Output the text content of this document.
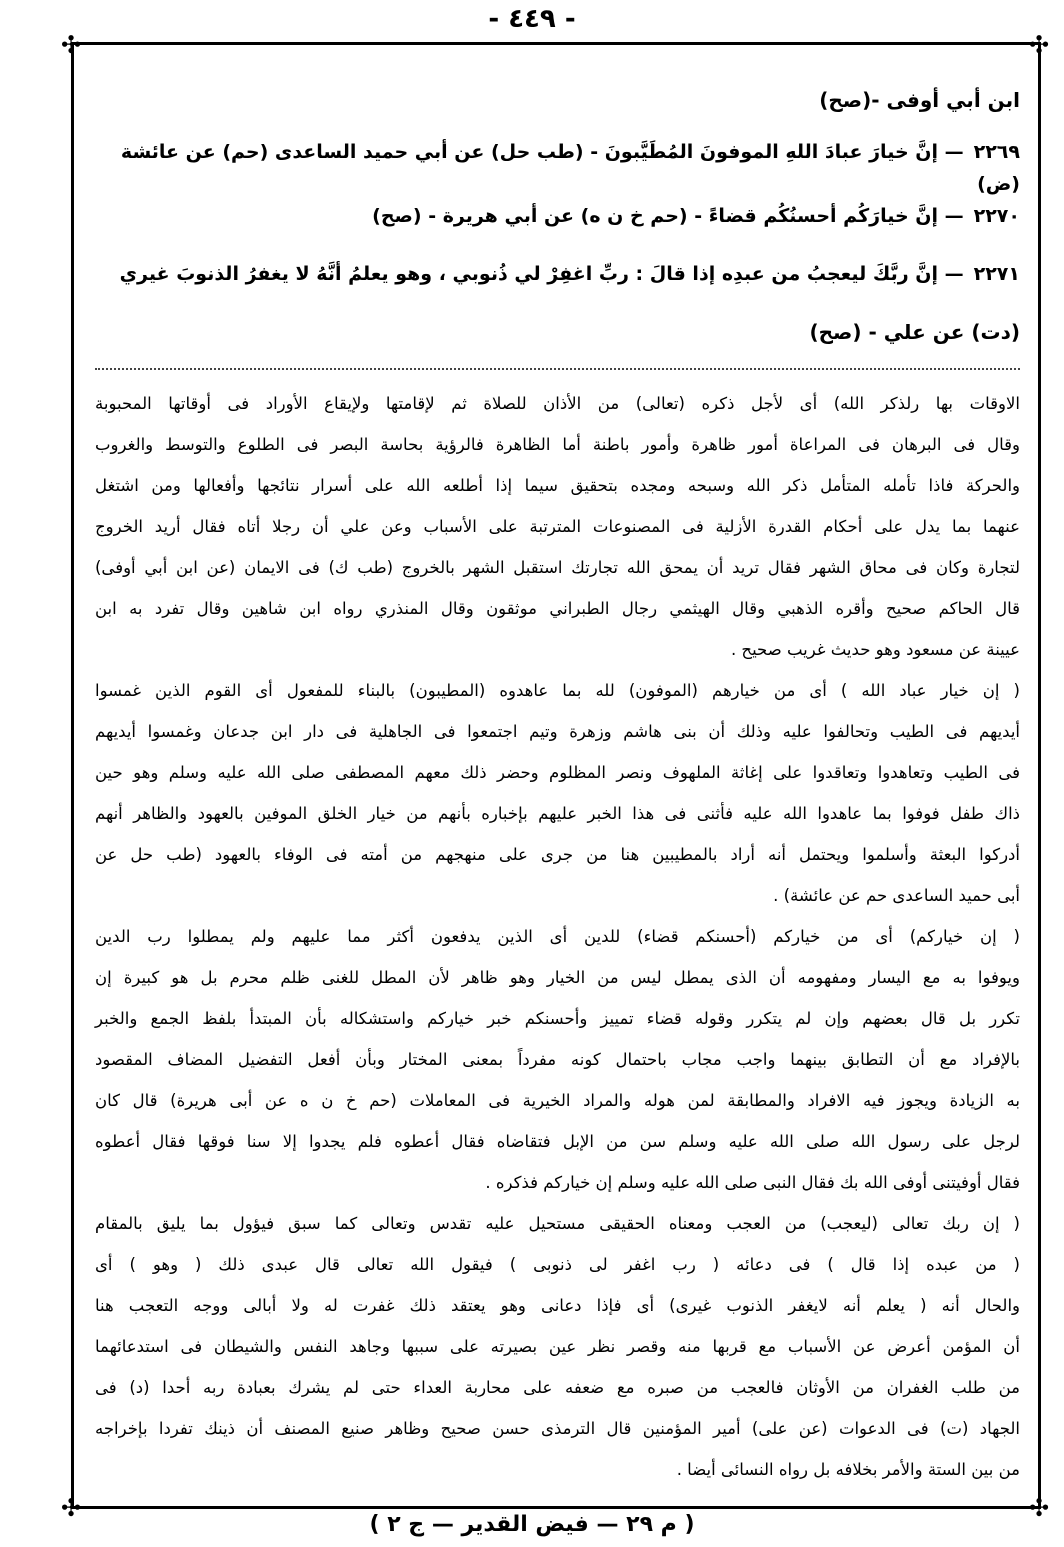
- ٤٤٩ -
✣	✣
✣	✣
ابن أبي أوفى -(صح)
٢٢٦٩— إنَّ خيارَ عبادَ اللهِ الموفونَ المُطَيَّبونَ - (طب حل) عن أبي حميد الساعدى (حم) عن عائشة (ض)
٢٢٧٠— إنَّ خيارَكُم أحسنُكُم قضاءً - (حم خ ن ه) عن أبي هريرة - (صح)
٢٢٧١— إنَّ ربَّكَ ليعجبُ من عبدِه إذا قالَ : ربِّ اغفِرْ لي ذُنوبي ، وهو يعلمُ أنَّهُ لا يغفرُ الذنوبَ غيري
(دت) عن علي - (صح)
الاوقات بها رلذكر الله) أى لأجل ذكره (تعالى) من الأذان للصلاة ثم لإقامتها ولإيقاع الأوراد فى أوقاتها المحبوبة
وقال فى البرهان فى المراعاة أمور ظاهرة وأمور باطنة أما الظاهرة فالرؤية بحاسة البصر فى الطلوع والتوسط والغروب
والحركة فاذا تأمله المتأمل ذكر الله وسبحه ومجده بتحقيق سيما إذا أطلعه الله على أسرار نتائجها وأفعالها ومن اشتغل
عنهما بما يدل على أحكام القدرة الأزلية فى المصنوعات المترتبة على الأسباب وعن علي أن رجلا أتاه فقال أريد الخروج
لتجارة وكان فى محاق الشهر فقال تريد أن يمحق الله تجارتك استقبل الشهر بالخروج (طب ك) فى الايمان (عن ابن أبي أوفى)
قال الحاكم صحيح وأقره الذهبي وقال الهيثمي رجال الطبراني موثقون وقال المنذري رواه ابن شاهين وقال تفرد به ابن
عيينة عن مسعود وهو حديث غريب صحيح .
( إن خيار عباد الله ) أى من خيارهم (الموفون) لله بما عاهدوه (المطيبون) بالبناء للمفعول أى القوم الذين غمسوا
أيديهم فى الطيب وتحالفوا عليه وذلك أن بنى هاشم وزهرة وتيم اجتمعوا فى الجاهلية فى دار ابن جدعان وغمسوا أيديهم
فى الطيب وتعاهدوا وتعاقدوا على إغاثة الملهوف ونصر المظلوم وحضر ذلك معهم المصطفى صلى الله عليه وسلم وهو حين
ذاك طفل فوفوا بما عاهدوا الله عليه فأثنى فى هذا الخبر عليهم بإخباره بأنهم من خيار الخلق الموفين بالعهود والظاهر أنهم
أدركوا البعثة وأسلموا ويحتمل أنه أراد بالمطيبين هنا من جرى على منهجهم من أمته فى الوفاء بالعهود (طب حل عن
أبى حميد الساعدى حم عن عائشة) .
( إن خياركم) أى من خياركم (أحسنكم قضاء) للدين أى الذين يدفعون أكثر مما عليهم ولم يمطلوا رب الدين
ويوفوا به مع اليسار ومفهومه أن الذى يمطل ليس من الخيار وهو ظاهر لأن المطل للغنى ظلم محرم بل هو كبيرة إن
تكرر بل قال بعضهم وإن لم يتكرر وقوله قضاء تمييز وأحسنكم خبر خياركم واستشكاله بأن المبتدأ بلفظ الجمع والخبر
بالإفراد مع أن التطابق بينهما واجب مجاب باحتمال كونه مفرداً بمعنى المختار وبأن أفعل التفضيل المضاف المقصود
به الزيادة ويجوز فيه الافراد والمطابقة لمن هوله والمراد الخيرية فى المعاملات (حم خ ن ه عن أبى هريرة) قال كان
لرجل على رسول الله صلى الله عليه وسلم سن من الإبل فتقاضاه فقال أعطوه فلم يجدوا إلا سنا فوقها فقال أعطوه
فقال أوفيتنى أوفى الله بك فقال النبى صلى الله عليه وسلم إن خياركم فذكره .
( إن ربك تعالى (ليعجب) من العجب ومعناه الحقيقى مستحيل عليه تقدس وتعالى كما سبق فيؤول بما يليق بالمقام
( من عبده إذا قال ) فى دعائه ( رب اغفر لى ذنوبى ) فيقول الله تعالى قال عبدى ذلك ( وهو ) أى
والحال أنه ( يعلم أنه لايغفر الذنوب غيرى) أى فإذا دعانى وهو يعتقد ذلك غفرت له ولا أبالى ووجه التعجب هنا
أن المؤمن أعرض عن الأسباب مع قربها منه وقصر نظر عين بصيرته على سببها وجاهد النفس والشيطان فى استدعائهما
من طلب الغفران من الأوثان فالعجب من صبره مع ضعفه على محاربة العداء حتى لم يشرك بعبادة ربه أحدا (د) فى
الجهاد (ت) فى الدعوات (عن على) أمير المؤمنين قال الترمذى حسن صحيح وظاهر صنيع المصنف أن ذينك تفردا بإخراجه
من بين الستة والأمر بخلافه بل رواه النسائى أيضا .
( م ٢٩ — فيض القدير — ج ٢ )
